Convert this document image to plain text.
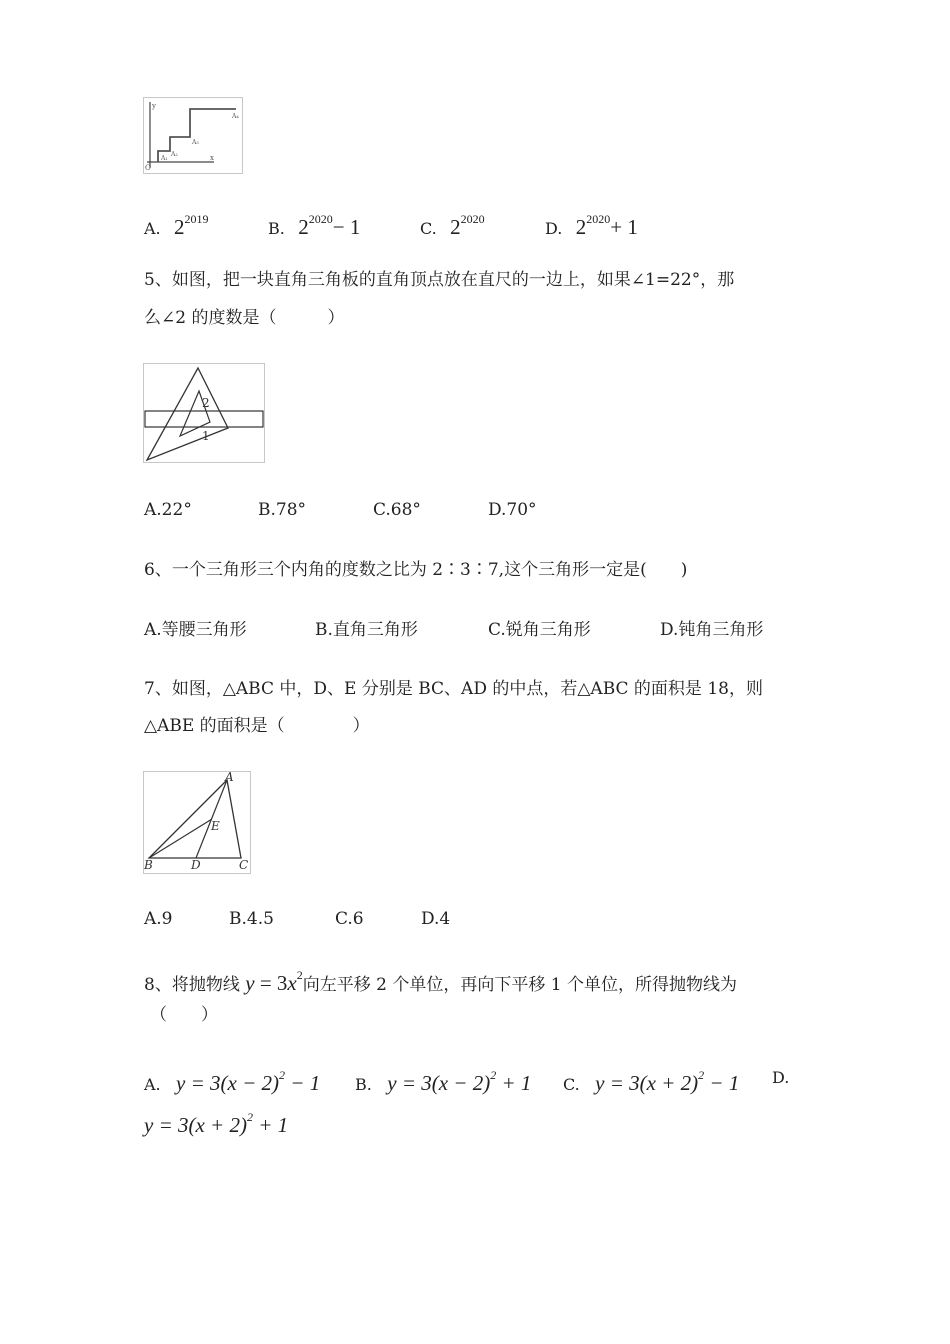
y
x
O
A₁
A₂
A₃
A₄
A. $2^{2019}$	B. $2^{2020}- 1$	C. $2^{2020}$	D. $2^{2020}+ 1$
5、如图，把一块直角三角板的直角顶点放在直尺的一边上，如果∠1=22°，那
么∠2 的度数是（　　　）
2
1
A.22°	B.78°	C.68°	D.70°
6、一个三角形三个内角的度数之比为 2∶3∶7,这个三角形一定是(　　)
A.等腰三角形	B.直角三角形	C.锐角三角形	D.钝角三角形
7、如图，△ABC 中，D、E 分别是 BC、AD 的中点，若△ABC 的面积是 18，则
△ABE 的面积是（　　　　）
A
B	C
D
E
A.9	B.4.5	C.6	D.4
8、将抛物线 $y = 3x^2$向左平移 2 个单位，再向下平移 1 个单位，所得抛物线为
（　　）
A. $y = 3(x - 2)^2 - 1$ B. $y = 3(x - 2)^2 + 1$ C. $y = 3(x + 2)^2 - 1$ D.
$y = 3(x + 2)^2 + 1$
